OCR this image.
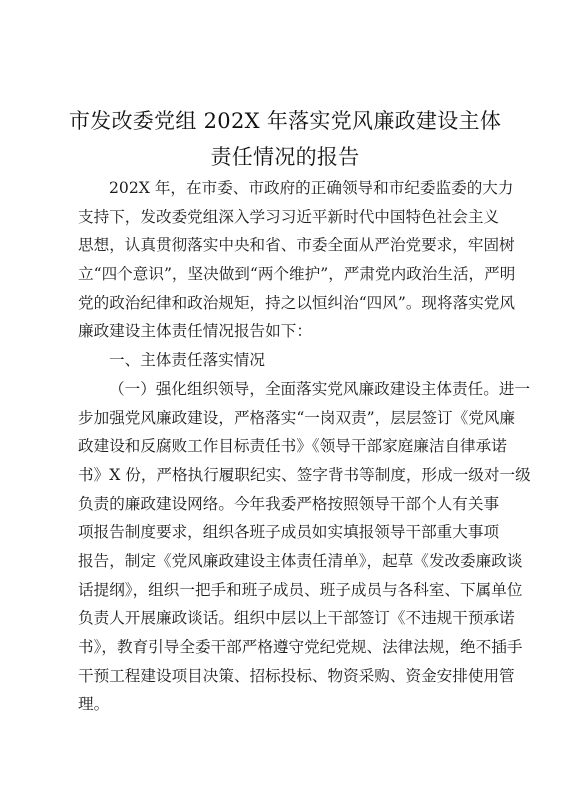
市发改委党组 202X 年落实党风廉政建设主体
责任情况的报告
202X 年，在市委、市政府的正确领导和市纪委监委的大力
支持下，发改委党组深入学习习近平新时代中国特色社会主义
思想，认真贯彻落实中央和省、市委全面从严治党要求，牢固树
立“四个意识”，坚决做到“两个维护”，严肃党内政治生活，严明
党的政治纪律和政治规矩，持之以恒纠治“四风”。现将落实党风
廉政建设主体责任情况报告如下：
一、主体责任落实情况
（一）强化组织领导，全面落实党风廉政建设主体责任。进一
步加强党风廉政建设，严格落实“一岗双责”，层层签订《党风廉
政建设和反腐败工作目标责任书》《领导干部家庭廉洁自律承诺
书》X 份，严格执行履职纪实、签字背书等制度，形成一级对一级
负责的廉政建设网络。今年我委严格按照领导干部个人有关事
项报告制度要求，组织各班子成员如实填报领导干部重大事项
报告，制定《党风廉政建设主体责任清单》，起草《发改委廉政谈
话提纲》，组织一把手和班子成员、班子成员与各科室、下属单位
负责人开展廉政谈话。组织中层以上干部签订《不违规干预承诺
书》，教育引导全委干部严格遵守党纪党规、法律法规，绝不插手
干预工程建设项目决策、招标投标、物资采购、资金安排使用管
理。
